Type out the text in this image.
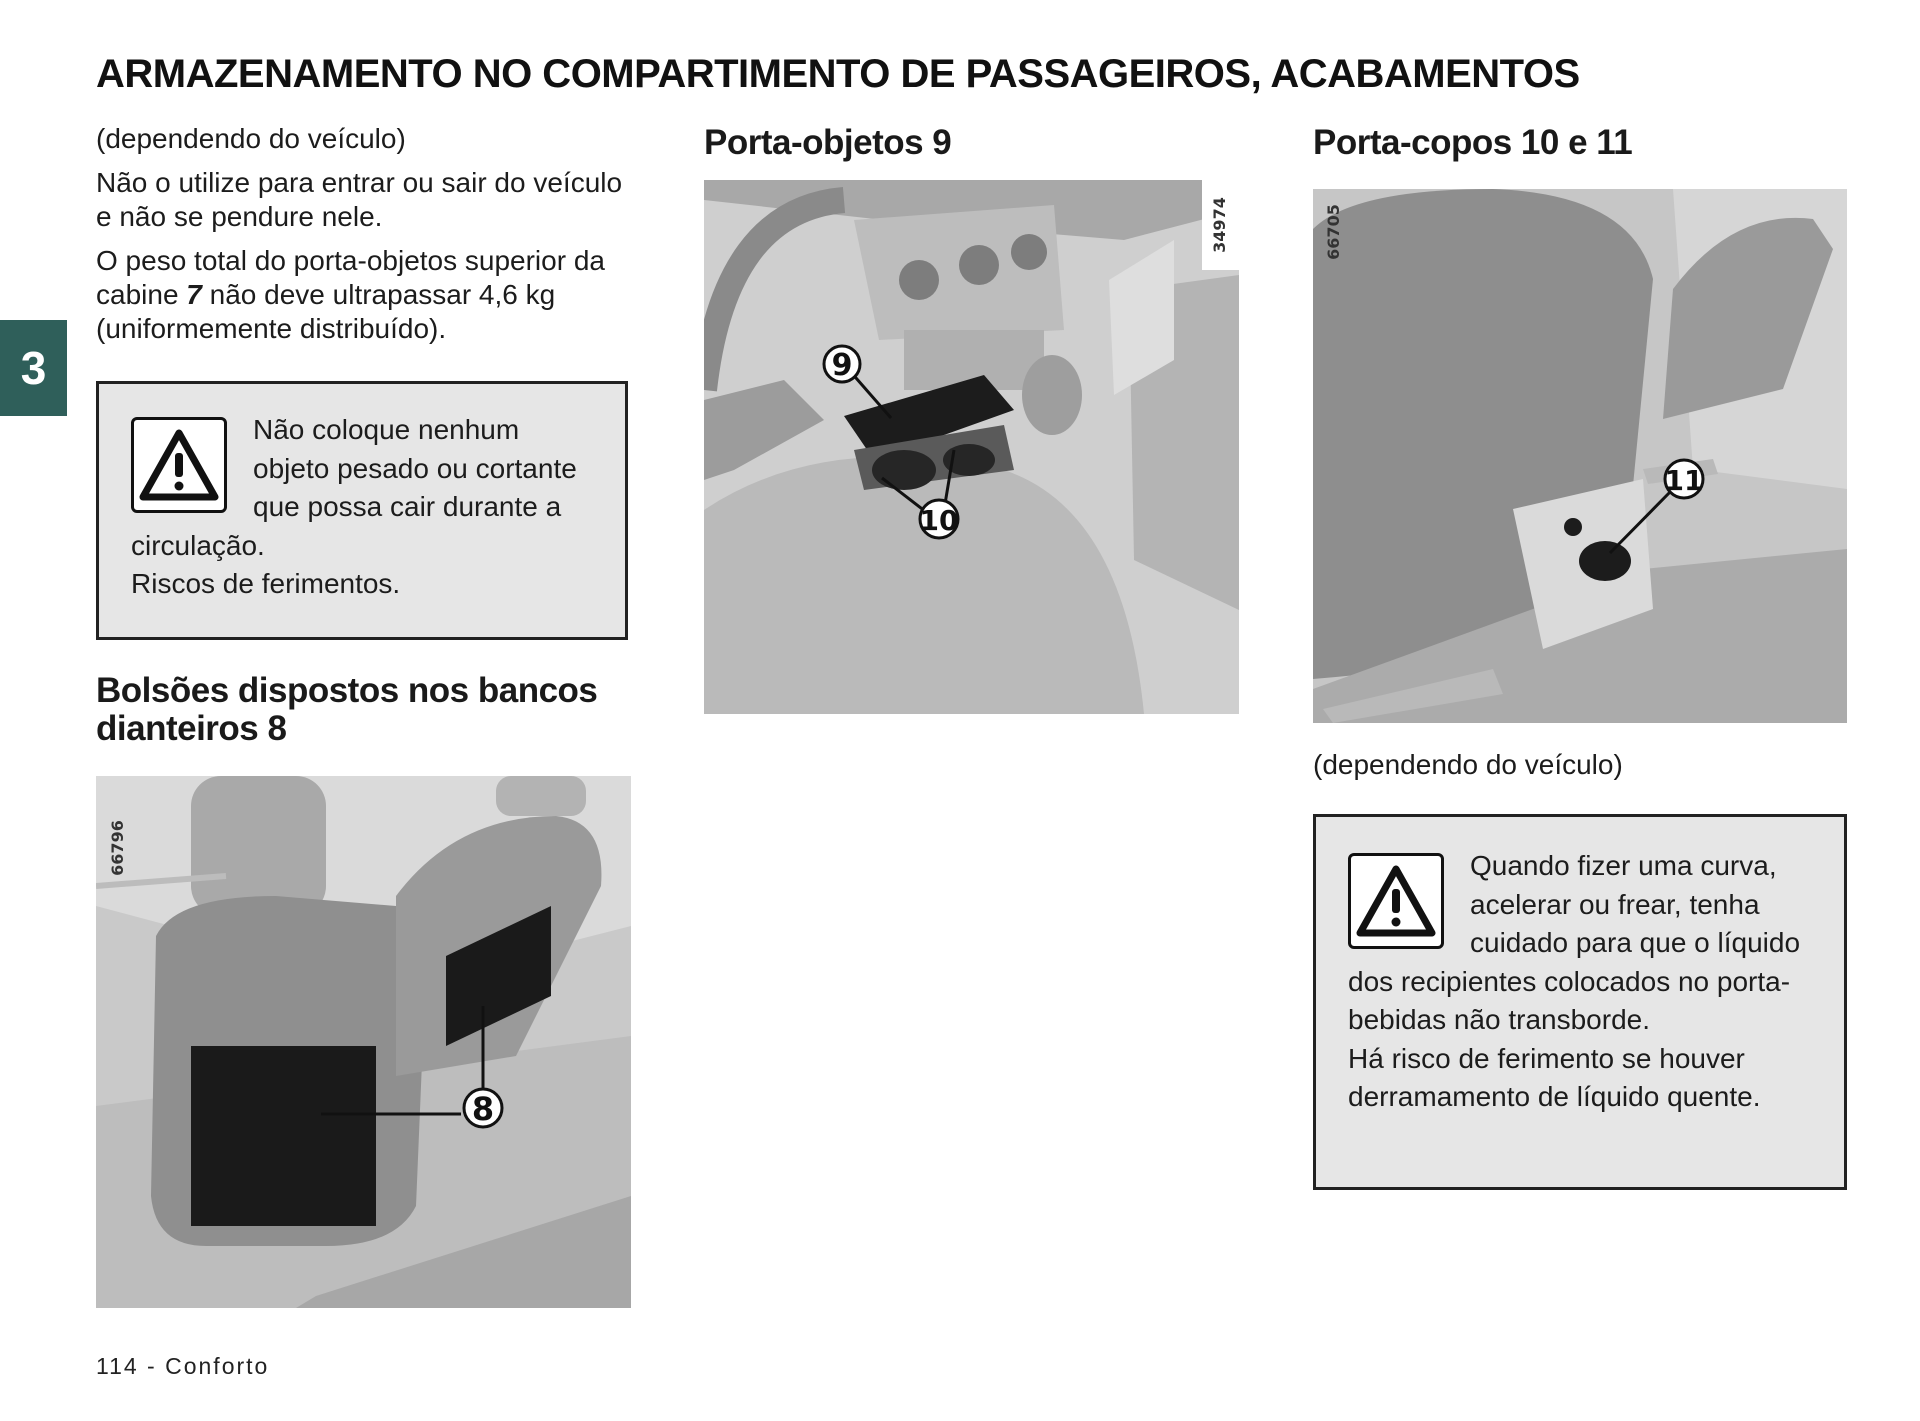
ARMAZENAMENTO NO COMPARTIMENTO DE PASSAGEIROS, ACABAMENTOS
3

(dependendo do veículo)

Não o utilize para entrar ou sair do veículo e não se pendure nele.

O peso total do porta-objetos superior da cabine 7 não deve ultrapassar 4,6 kg (uniformemente distribuído).

Não coloque nenhum objeto pesado ou cortante que possa cair durante a circulação.

Riscos de ferimentos.

Bolsões dispostos nos bancos dianteiros 8
8
66796
Porta-objetos 9
9
10
34974
Porta-copos 10 e 11
11
66705

(dependendo do veículo)

Quando fizer uma curva, acelerar ou frear, tenha cuidado para que o líquido dos recipientes colocados no porta-bebidas não transborde.

Há risco de ferimento se houver derramamento de líquido quente.

114 - Conforto
